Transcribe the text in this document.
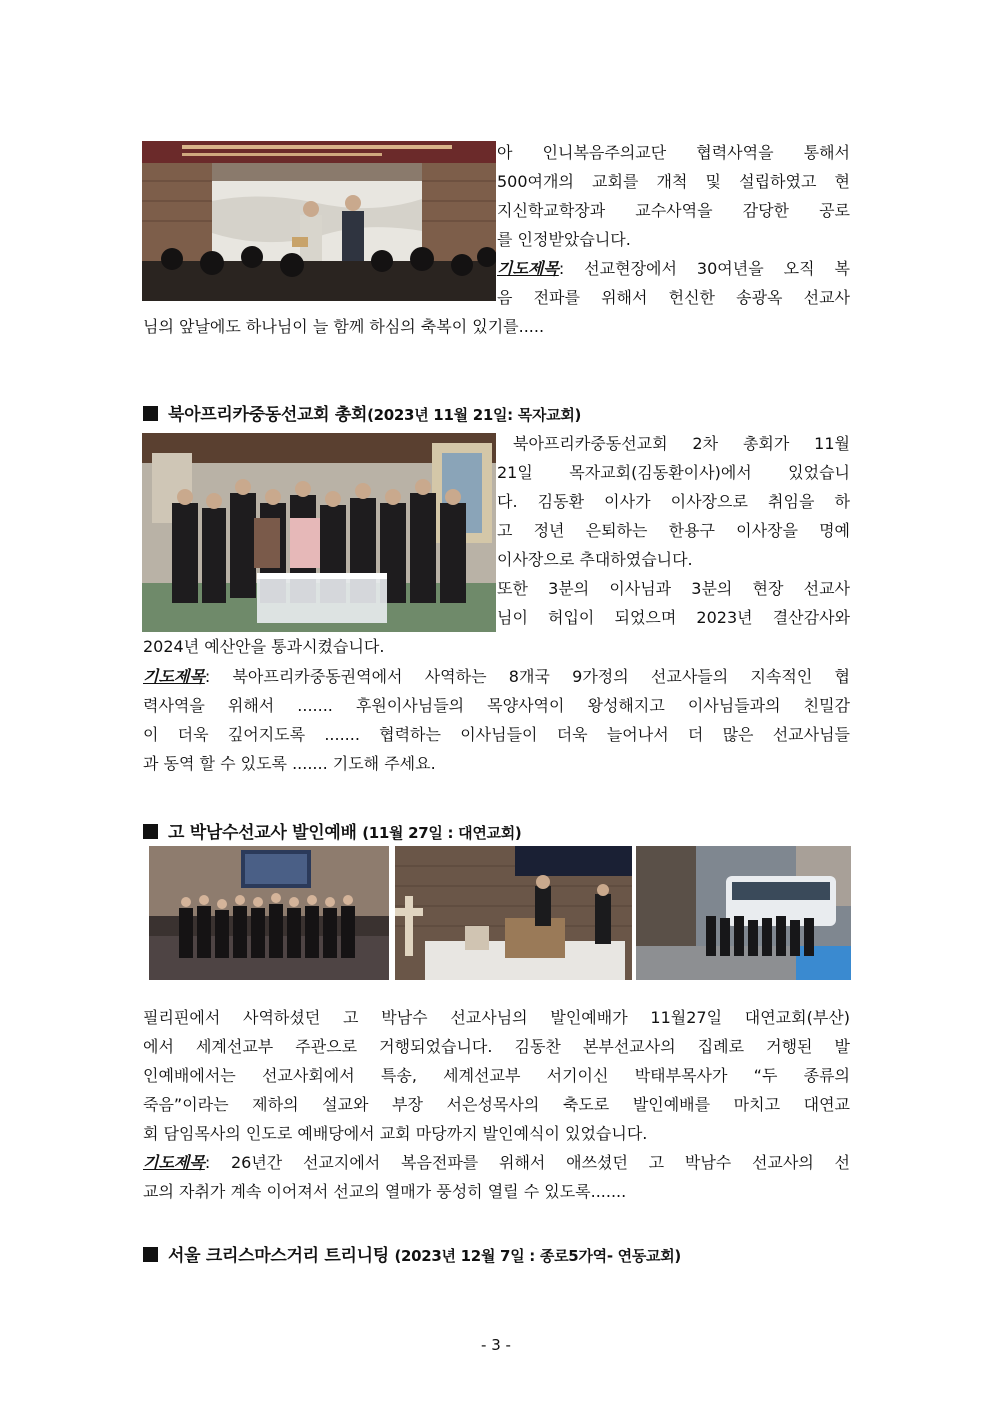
아 인니복음주의교단 협력사역을 통해서
500여개의 교회를 개척 및 설립하였고 현
지신학교학장과 교수사역을 감당한 공로
를 인정받았습니다.
기도제목: 선교현장에서 30여년을 오직 복
음 전파를 위해서 헌신한 송광옥 선교사
님의 앞날에도 하나님이 늘 함께 하심의 축복이 있기를.....
북아프리카중동선교회 총회(2023년 11월 21일: 목자교회)
북아프리카중동선교회 2차 총회가 11월
21일 목자교회(김동환이사)에서 있었습니
다. 김동환 이사가 이사장으로 취임을 하
고 정년 은퇴하는 한용구 이사장을 명예
이사장으로 추대하였습니다.
또한 3분의 이사님과 3분의 현장 선교사
님이 허입이 되었으며 2023년 결산감사와
2024년 예산안을 통과시켰습니다.
기도제목: 북아프리카중동권역에서 사역하는 8개국 9가정의 선교사들의 지속적인 협
력사역을 위해서 ....... 후원이사님들의 목양사역이 왕성해지고 이사님들과의 친밀감
이 더욱 깊어지도록 ....... 협력하는 이사님들이 더욱 늘어나서 더 많은 선교사님들
과 동역 할 수 있도록 ....... 기도해 주세요.
고 박남수선교사 발인예배 (11월 27일 : 대연교회)
필리핀에서 사역하셨던 고 박남수 선교사님의 발인예배가 11월27일 대연교회(부산)
에서 세계선교부 주관으로 거행되었습니다. 김동찬 본부선교사의 집례로 거행된 발
인예배에서는 선교사회에서 특송, 세계선교부 서기이신 박태부목사가 “두 종류의
죽음”이라는 제하의 설교와 부장 서은성목사의 축도로 발인예배를 마치고 대연교
회 담임목사의 인도로 예배당에서 교회 마당까지 발인예식이 있었습니다.
기도제목: 26년간 선교지에서 복음전파를 위해서 애쓰셨던 고 박남수 선교사의 선
교의 자취가 계속 이어져서 선교의 열매가 풍성히 열릴 수 있도록.......
서울 크리스마스거리 트리니팅 (2023년 12월 7일 : 종로5가역- 연동교회)
- 3 -
